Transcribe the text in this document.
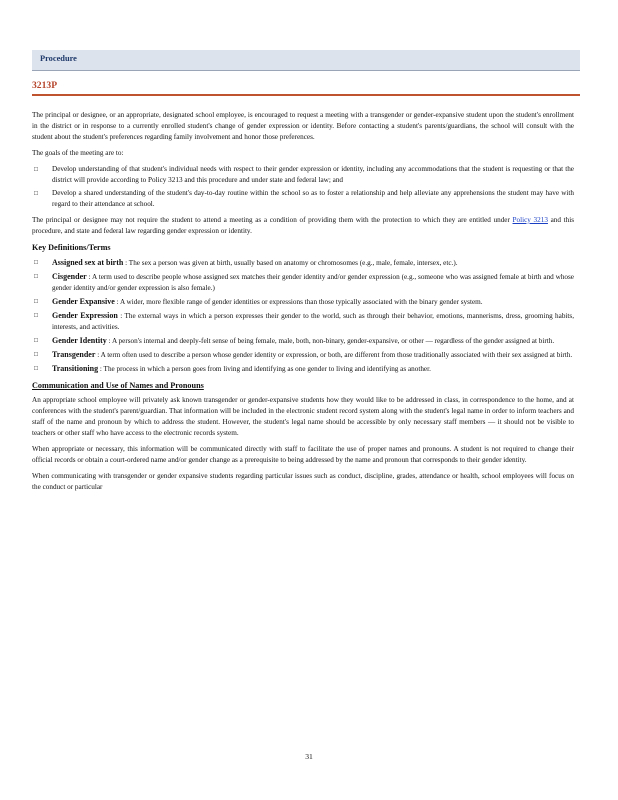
Procedure
3213P

The principal or designee, or an appropriate, designated school employee, is encouraged to request a meeting with a transgender or gender-expansive student upon the student's enrollment in the district or in response to a currently enrolled student's change of gender expression or identity. Before contacting a student's parents/guardians, the school will consult with the student about the student's preferences regarding family involvement and honor those preferences.

The goals of the meeting are to:

□ Develop understanding of that student's individual needs with respect to their gender expression or identity, including any accommodations that the student is requesting or that the district will provide according to Policy 3213 and this procedure and under state and federal law; and
□ Develop a shared understanding of the student's day-to-day routine within the school so as to foster a relationship and help alleviate any apprehensions the student may have with regard to their attendance at school.

The principal or designee may not require the student to attend a meeting as a condition of providing them with the protection to which they are entitled under Policy 3213 and this procedure, and state and federal law regarding gender expression or identity.

Key Definitions/Terms
□ Assigned sex at birth : The sex a person was given at birth, usually based on anatomy or chromosomes (e.g., male, female, intersex, etc.).
□ Cisgender : A term used to describe people whose assigned sex matches their gender identity and/or gender expression (e.g., someone who was assigned female at birth and whose gender identity and/or gender expression is also female.)
□ Gender Expansive : A wider, more flexible range of gender identities or expressions than those typically associated with the binary gender system.
□ Gender Expression : The external ways in which a person expresses their gender to the world, such as through their behavior, emotions, mannerisms, dress, grooming habits, interests, and activities.
□ Gender Identity : A person's internal and deeply-felt sense of being female, male, both, non-binary, gender-expansive, or other — regardless of the gender assigned at birth.
□ Transgender : A term often used to describe a person whose gender identity or expression, or both, are different from those traditionally associated with their sex assigned at birth.
□ Transitioning : The process in which a person goes from living and identifying as one gender to living and identifying as another.
Communication and Use of Names and Pronouns

An appropriate school employee will privately ask known transgender or gender-expansive students how they would like to be addressed in class, in correspondence to the home, and at conferences with the student's parent/guardian. That information will be included in the electronic student record system along with the student's legal name in order to inform teachers and staff of the name and pronoun by which to address the student. However, the student's legal name should be accessible by only necessary staff members — it should not be visible to teachers or other staff who have access to the electronic records system.

When appropriate or necessary, this information will be communicated directly with staff to facilitate the use of proper names and pronouns. A student is not required to change their official records or obtain a court-ordered name and/or gender change as a prerequisite to being addressed by the name and pronoun that corresponds to their gender identity.

When communicating with transgender or gender expansive students regarding particular issues such as conduct, discipline, grades, attendance or health, school employees will focus on the conduct or particular

31
